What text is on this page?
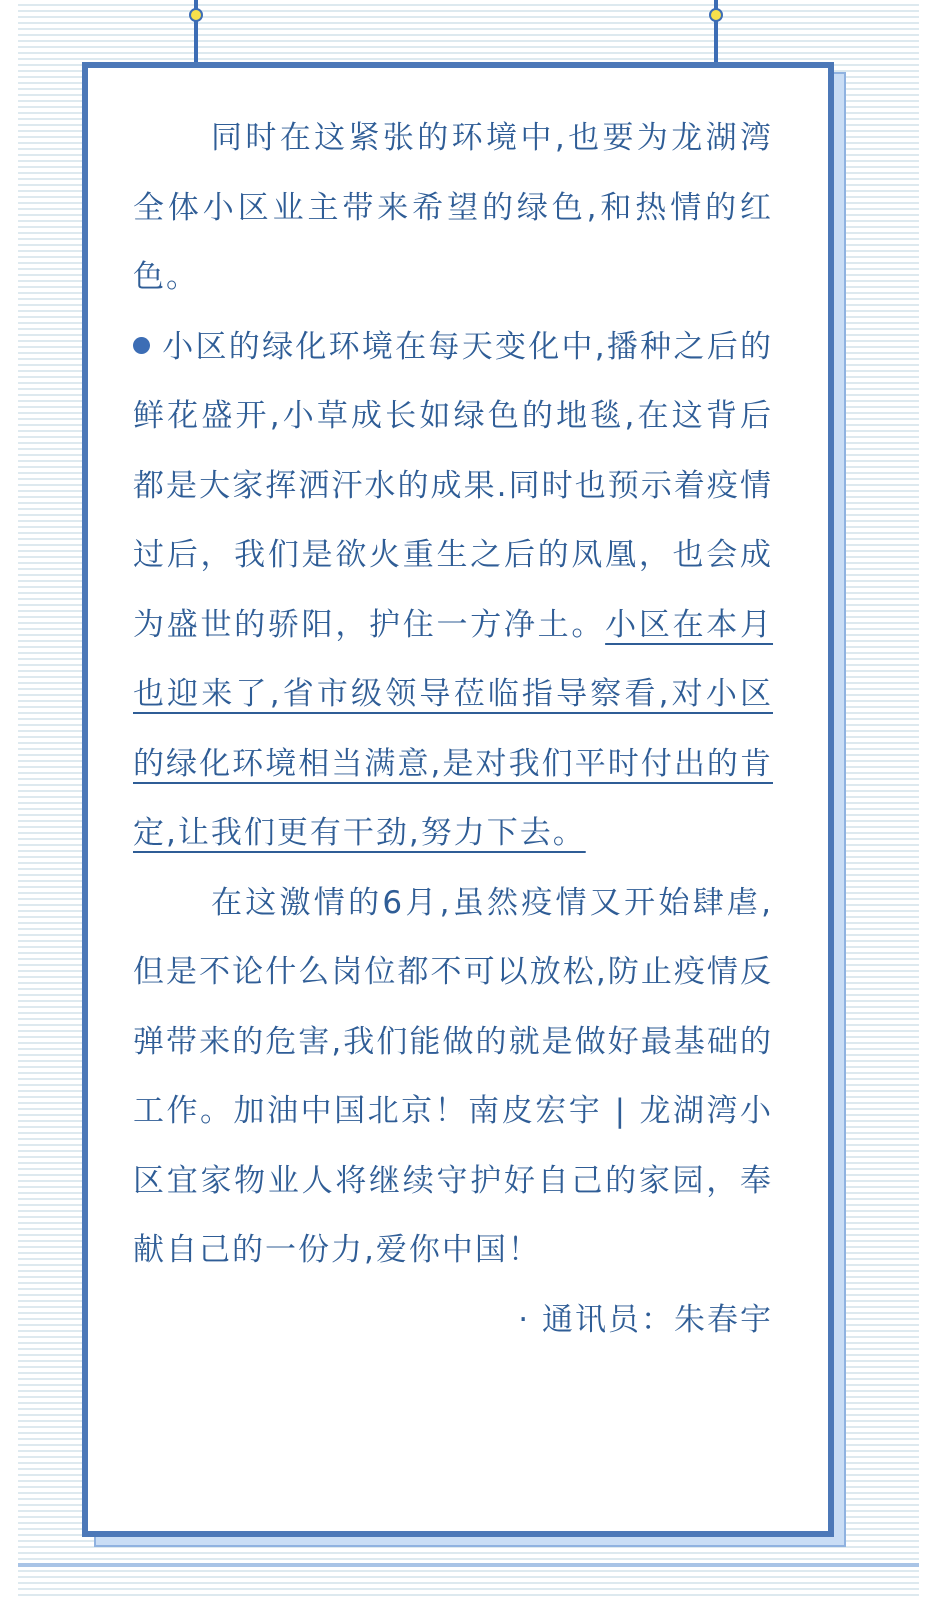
同时在这紧张的环境中,也要为龙湖湾全体小区业主带来希望的绿色,和热情的红色。

小区的绿化环境在每天变化中,播种之后的鲜花盛开,小草成长如绿色的地毯,在这背后都是大家挥洒汗水的成果.同时也预示着疫情过后，我们是欲火重生之后的凤凰，也会成为盛世的骄阳，护住一方净土。小区在本月也迎来了,省市级领导莅临指导察看,对小区的绿化环境相当满意,是对我们平时付出的肯定,让我们更有干劲,努力下去。

在这激情的6月,虽然疫情又开始肆虐,但是不论什么岗位都不可以放松,防止疫情反弹带来的危害,我们能做的就是做好最基础的工作。加油中国北京！南皮宏宇 | 龙湖湾小区宜家物业人将继续守护好自己的家园，奉献自己的一份力,爱你中国！

· 通讯员：朱春宇
